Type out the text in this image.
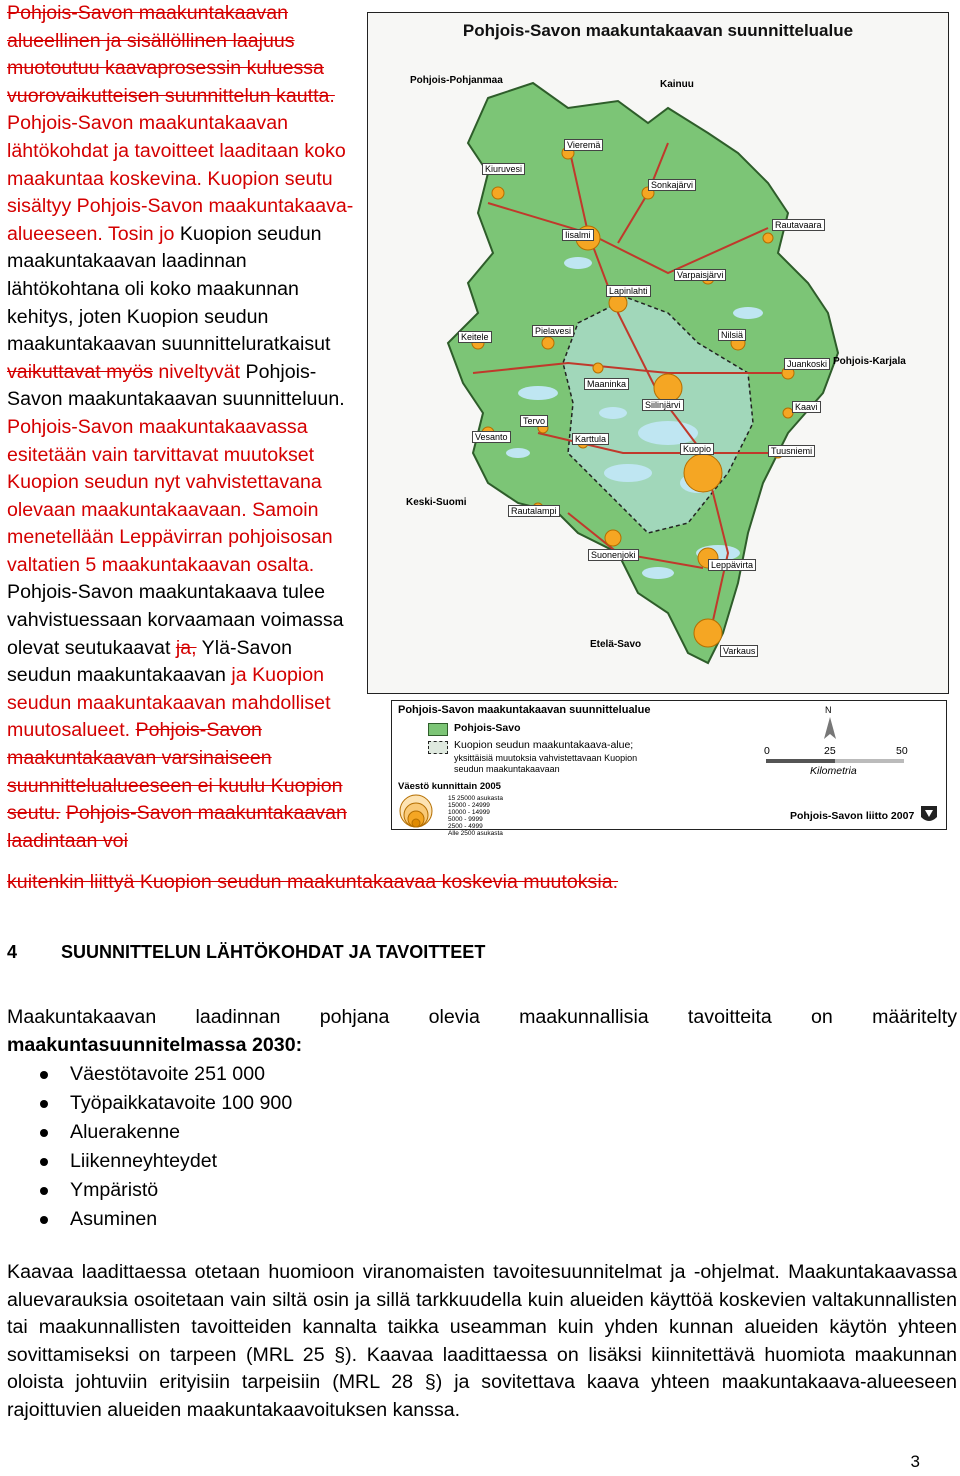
Pohjois-Savon maakuntakaavan alueellinen ja sisällöllinen laajuus muotoutuu kaavaprosessin kuluessa vuorovaikutteisen suunnittelun kautta. Pohjois-Savon maakuntakaavan lähtökohdat ja tavoitteet laaditaan koko maakuntaa koskevina. Kuopion seutu sisältyy Pohjois-Savon maakuntakaava-alueeseen. Tosin jo Kuopion seudun maakuntakaavan laadinnan lähtökohtana oli koko maakunnan kehitys, joten Kuopion seudun maakuntakaavan suunnitteluratkaisut vaikuttavat myös niveltyvät Pohjois-Savon maakuntakaavan suunnitteluun. Pohjois-Savon maakuntakaavassa esitetään vain tarvittavat muutokset Kuopion seudun nyt vahvistettavana olevaan maakuntakaavaan. Samoin menetellään Leppävirran pohjoisosan valtatien 5 maakuntakaavan osalta. Pohjois-Savon maakuntakaava tulee vahvistuessaan korvaamaan voimassa olevat seutukaavat ja, Ylä-Savon seudun maakuntakaavan ja Kuopion seudun maakuntakaavan mahdolliset muutosalueet. Pohjois-Savon maakuntakaavan varsinaiseen suunnittelualueeseen ei kuulu Kuopion seutu. Pohjois-Savon maakuntakaavan laadintaan voi

kuitenkin liittyä Kuopion seudun maakuntakaavaa koskevia muutoksia.
Pohjois-Savon maakuntakaavan suunnittelualue
Pohjois-Pohjanmaa	Kainuu
Pohjois-Karjala
Keski-Suomi
Etelä-Savo
Vieremä
Kiuruvesi
Sonkajärvi
Iisalmi
Rautavaara
Varpaisjärvi
Lapinlahti
Keitele
Pielavesi	Nilsiä
Juankoski
Maaninka
Siilinjärvi	Kaavi
Tervo
Vesanto	Karttula
Kuopio	Tuusniemi
Rautalampi
Suonenjoki
Leppävirta
Varkaus
Pohjois-Savon maakuntakaavan suunnittelualue
Pohjois-Savo
Kuopion seudun maakuntakaava-alue;
yksittäisiä muutoksia vahvistettavaan Kuopion seudun maakuntakaavaan
Väestö kunnittain 2005
15 25000 asukasta
15000 - 24999
10000 - 14999
5000 - 9999
2500 - 4999
Alle 2500 asukasta
N
0	25	50
Kilometria
Pohjois-Savon liitto 2007
4 SUUNNITTELUN LÄHTÖKOHDAT JA TAVOITTEET
Maakuntakaavan laadinnan pohjana olevia maakunnallisia tavoitteita on määritelty maakuntasuunnitelmassa 2030:
Väestötavoite 251 000
Työpaikkatavoite 100 900
Aluerakenne
Liikenneyhteydet
Ympäristö
Asuminen
Kaavaa laadittaessa otetaan huomioon viranomaisten tavoitesuunnitelmat ja -ohjelmat. Maakuntakaavassa aluevarauksia osoitetaan vain siltä osin ja sillä tarkkuudella kuin alueiden käyttöä koskevien valtakunnallisten tai maakunnallisten tavoitteiden kannalta taikka useamman kuin yhden kunnan alueiden käytön yhteen sovittamiseksi on tarpeen (MRL 25 §). Kaavaa laadittaessa on lisäksi kiinnitettävä huomiota maakunnan oloista johtuviin erityisiin tarpeisiin (MRL 28 §) ja sovitettava kaava yhteen maakuntakaava-alueeseen rajoittuvien alueiden maakuntakaavoituksen kanssa.
3
